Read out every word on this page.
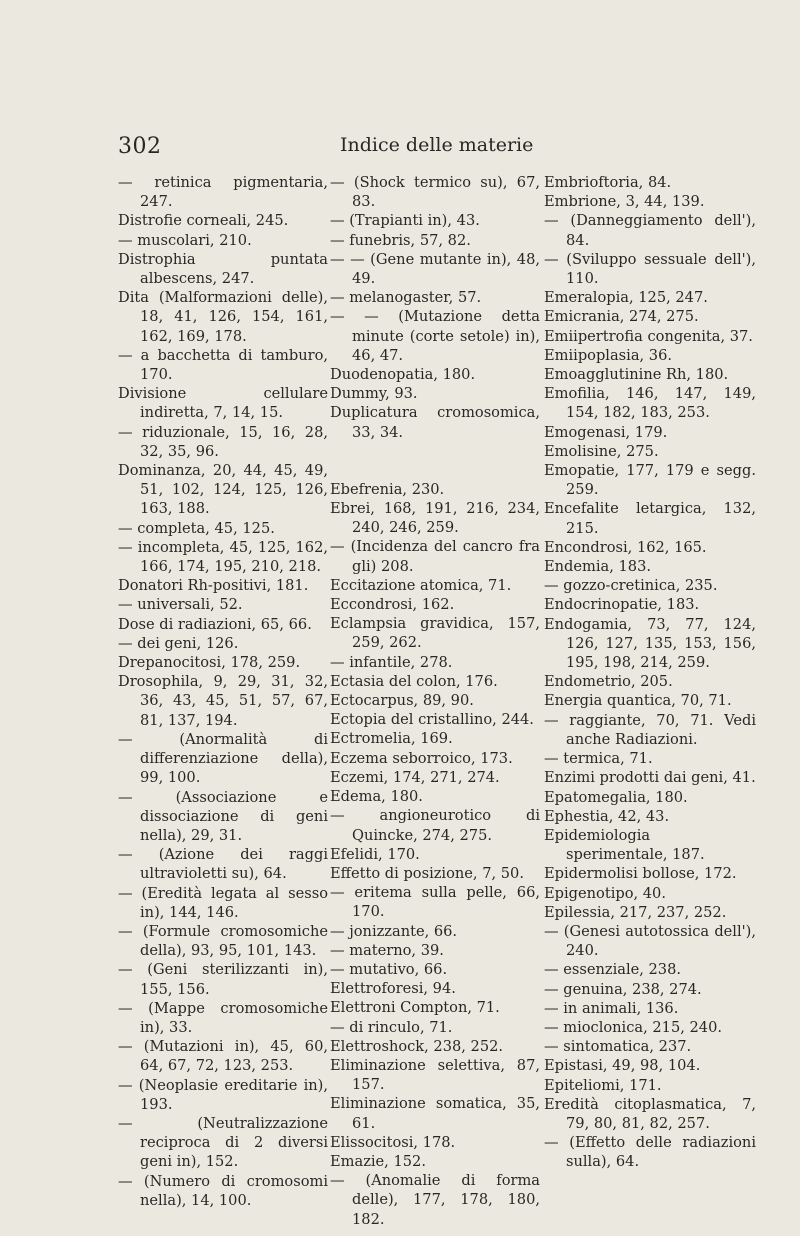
302	Indice delle materie
— retinica pigmentaria, 247.
Distrofie corneali, 245.
— muscolari, 210.
Distrophia puntata albescens, 247.
Dita (Malformazioni delle), 18, 41, 126, 154, 161, 162, 169, 178.
— a bacchetta di tamburo, 170.
Divisione cellulare indiretta, 7, 14, 15.
— riduzionale, 15, 16, 28, 32, 35, 96.
Dominanza, 20, 44, 45, 49, 51, 102, 124, 125, 126, 163, 188.
— completa, 45, 125.
— incompleta, 45, 125, 162, 166, 174, 195, 210, 218.
Donatori Rh-positivi, 181.
— universali, 52.
Dose di radiazioni, 65, 66.
— dei geni, 126.
Drepanocitosi, 178, 259.
Drosophila, 9, 29, 31, 32, 36, 43, 45, 51, 57, 67, 81, 137, 194.
— (Anormalità di differenziazione della), 99, 100.
— (Associazione e dissociazione di geni nella), 29, 31.
— (Azione dei raggi ultravioletti su), 64.
— (Eredità legata al sesso in), 144, 146.
— (Formule cromosomiche della), 93, 95, 101, 143.
— (Geni sterilizzanti in), 155, 156.
— (Mappe cromosomiche in), 33.
— (Mutazioni in), 45, 60, 64, 67, 72, 123, 253.
— (Neoplasie ereditarie in), 193.
— (Neutralizzazione reciproca di 2 diversi geni in), 152.
— (Numero di cromosomi nella), 14, 100.
— (Shock termico su), 67, 83.
— (Trapianti in), 43.
— funebris, 57, 82.
— — (Gene mutante in), 48, 49.
— melanogaster, 57.
— — (Mutazione detta minute (corte setole) in), 46, 47.
Duodenopatia, 180.
Dummy, 93.
Duplicatura cromosomica, 33, 34.
Ebefrenia, 230.
Ebrei, 168, 191, 216, 234, 240, 246, 259.
— (Incidenza del cancro fra gli) 208.
Eccitazione atomica, 71.
Eccondrosi, 162.
Eclampsia gravidica, 157, 259, 262.
— infantile, 278.
Ectasia del colon, 176.
Ectocarpus, 89, 90.
Ectopia del cristallino, 244.
Ectromelia, 169.
Eczema seborroico, 173.
Eczemi, 174, 271, 274.
Edema, 180.
— angioneurotico di Quincke, 274, 275.
Efelidi, 170.
Effetto di posizione, 7, 50.
— eritema sulla pelle, 66, 170.
— jonizzante, 66.
— materno, 39.
— mutativo, 66.
Elettroforesi, 94.
Elettroni Compton, 71.
— di rinculo, 71.
Elettroshock, 238, 252.
Eliminazione selettiva, 87, 157.
Eliminazione somatica, 35, 61.
Elissocitosi, 178.
Emazie, 152.
— (Anomalie di forma delle), 177, 178, 180, 182.
Embrioftoria, 84.
Embrione, 3, 44, 139.
— (Danneggiamento dell'), 84.
— (Sviluppo sessuale dell'), 110.
Emeralopia, 125, 247.
Emicrania, 274, 275.
Emiipertrofia congenita, 37.
Emiipoplasia, 36.
Emoagglutinine Rh, 180.
Emofilia, 146, 147, 149, 154, 182, 183, 253.
Emogenasi, 179.
Emolisine, 275.
Emopatie, 177, 179 e segg. 259.
Encefalite letargica, 132, 215.
Encondrosi, 162, 165.
Endemia, 183.
— gozzo-cretinica, 235.
Endocrinopatie, 183.
Endogamia, 73, 77, 124, 126, 127, 135, 153, 156, 195, 198, 214, 259.
Endometrio, 205.
Energia quantica, 70, 71.
— raggiante, 70, 71. Vedi anche Radiazioni.
— termica, 71.
Enzimi prodotti dai geni, 41.
Epatomegalia, 180.
Ephestia, 42, 43.
Epidemiologia sperimentale, 187.
Epidermolisi bollose, 172.
Epigenotipo, 40.
Epilessia, 217, 237, 252.
— (Genesi autotossica dell'), 240.
— essenziale, 238.
— genuina, 238, 274.
— in animali, 136.
— mioclonica, 215, 240.
— sintomatica, 237.
Epistasi, 49, 98, 104.
Epiteliomi, 171.
Eredità citoplasmatica, 7, 79, 80, 81, 82, 257.
— (Effetto delle radiazioni sulla), 64.
